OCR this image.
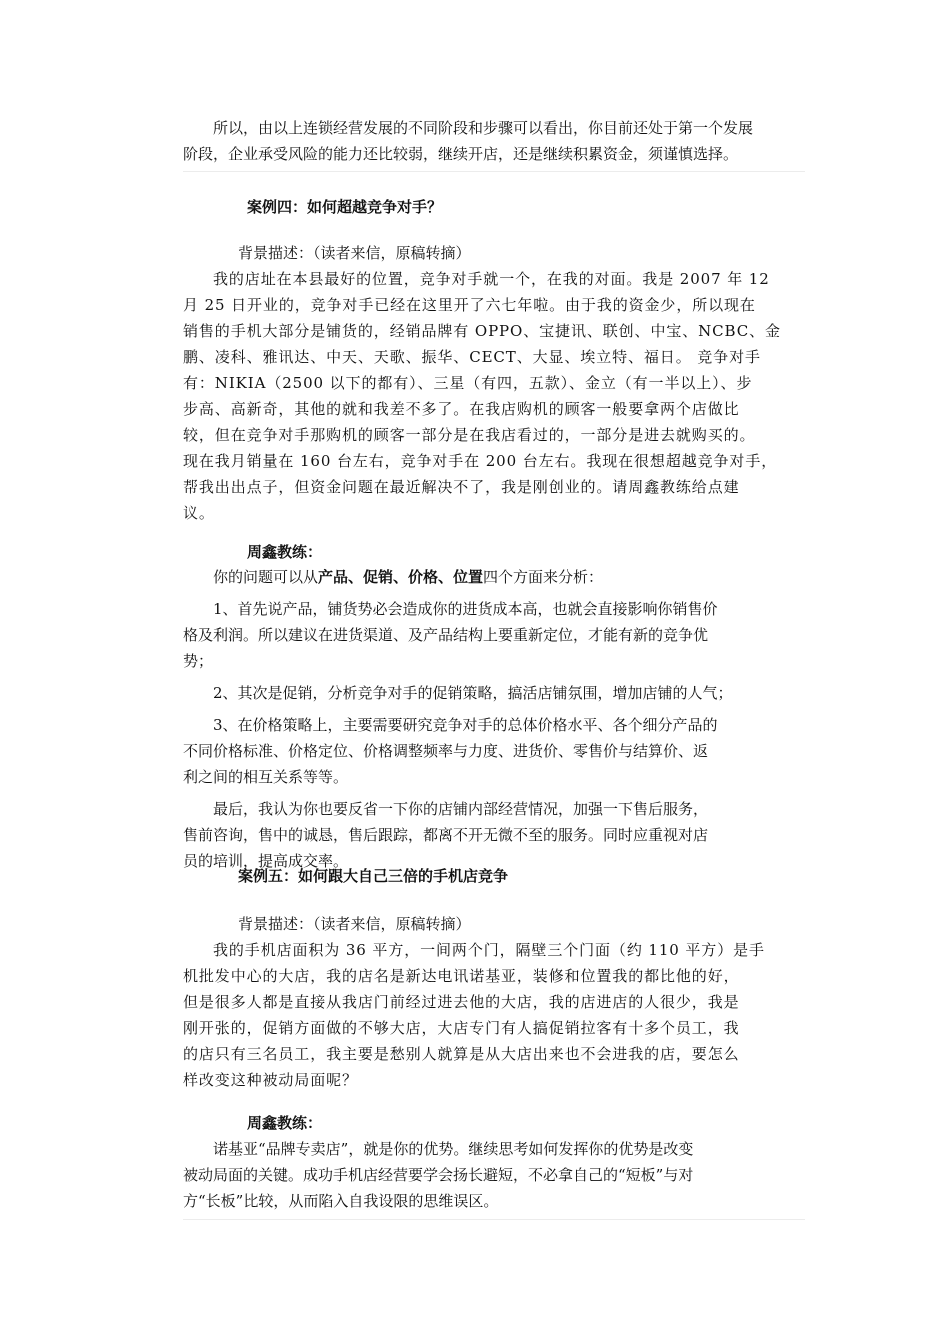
所以，由以上连锁经营发展的不同阶段和步骤可以看出，你目前还处于第一个发展
阶段，企业承受风险的能力还比较弱，继续开店，还是继续积累资金，须谨慎选择。
案例四：如何超越竞争对手？
背景描述：（读者来信，原稿转摘）
我的店址在本县最好的位置，竞争对手就一个，在我的对面。我是 2007 年 12
月 25 日开业的，竞争对手已经在这里开了六七年啦。由于我的资金少，所以现在
销售的手机大部分是铺货的，经销品牌有 OPPO、宝捷讯、联创、中宝、NCBC、金
鹏、凌科、雅讯达、中天、天歌、振华、CECT、大显、埃立特、福日。 竞争对手
有：NIKIA（2500 以下的都有）、三星（有四，五款）、金立（有一半以上）、步
步高、高新奇，其他的就和我差不多了。在我店购机的顾客一般要拿两个店做比
较，但在竞争对手那购机的顾客一部分是在我店看过的，一部分是进去就购买的。
现在我月销量在 160 台左右，竞争对手在 200 台左右。我现在很想超越竞争对手，
帮我出出点子，但资金问题在最近解决不了，我是刚创业的。请周鑫教练给点建
议。
周鑫教练：
你的问题可以从产品、促销、价格、位置四个方面来分析：
1、首先说产品，铺货势必会造成你的进货成本高，也就会直接影响你销售价
格及利润。所以建议在进货渠道、及产品结构上要重新定位，才能有新的竞争优
势；
2、其次是促销，分析竞争对手的促销策略，搞活店铺氛围，增加店铺的人气；
3、在价格策略上，主要需要研究竞争对手的总体价格水平、各个细分产品的
不同价格标准、价格定位、价格调整频率与力度、进货价、零售价与结算价、返
利之间的相互关系等等。
最后，我认为你也要反省一下你的店铺内部经营情况，加强一下售后服务，
售前咨询，售中的诚恳，售后跟踪，都离不开无微不至的服务。同时应重视对店
员的培训，提高成交率。
案例五：如何跟大自己三倍的手机店竞争
背景描述：（读者来信，原稿转摘）
我的手机店面积为 36 平方，一间两个门，隔壁三个门面（约 110 平方）是手
机批发中心的大店，我的店名是新达电讯诺基亚，装修和位置我的都比他的好，
但是很多人都是直接从我店门前经过进去他的大店，我的店进店的人很少，我是
刚开张的，促销方面做的不够大店，大店专门有人搞促销拉客有十多个员工，我
的店只有三名员工，我主要是愁别人就算是从大店出来也不会进我的店，要怎么
样改变这种被动局面呢？
周鑫教练：
诺基亚“品牌专卖店”，就是你的优势。继续思考如何发挥你的优势是改变
被动局面的关键。成功手机店经营要学会扬长避短，不必拿自己的“短板”与对
方“长板”比较，从而陷入自我设限的思维误区。
